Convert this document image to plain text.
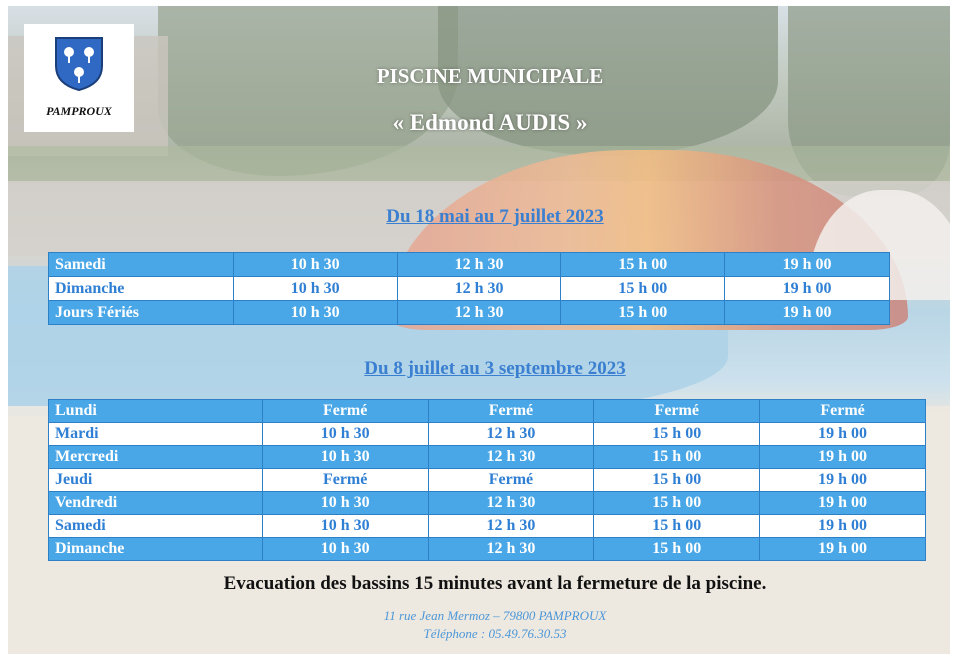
PAMPROUX
PISCINE MUNICIPALE
« Edmond AUDIS »
Du 18 mai au 7 juillet 2023
Samedi	10 h 30	12 h 30	15 h 00	19 h 00
Dimanche	10 h 30	12 h 30	15 h 00	19 h 00
Jours Fériés	10 h 30	12 h 30	15 h 00	19 h 00
Du 8 juillet au 3 septembre 2023
Lundi	Fermé	Fermé	Fermé	Fermé
Mardi	10 h 30	12 h 30	15 h 00	19 h 00
Mercredi	10 h 30	12 h 30	15 h 00	19 h 00
Jeudi	Fermé	Fermé	15 h 00	19 h 00
Vendredi	10 h 30	12 h 30	15 h 00	19 h 00
Samedi	10 h 30	12 h 30	15 h 00	19 h 00
Dimanche	10 h 30	12 h 30	15 h 00	19 h 00
Evacuation des bassins 15 minutes avant la fermeture de la piscine.
11 rue Jean Mermoz – 79800 PAMPROUX
Téléphone : 05.49.76.30.53
